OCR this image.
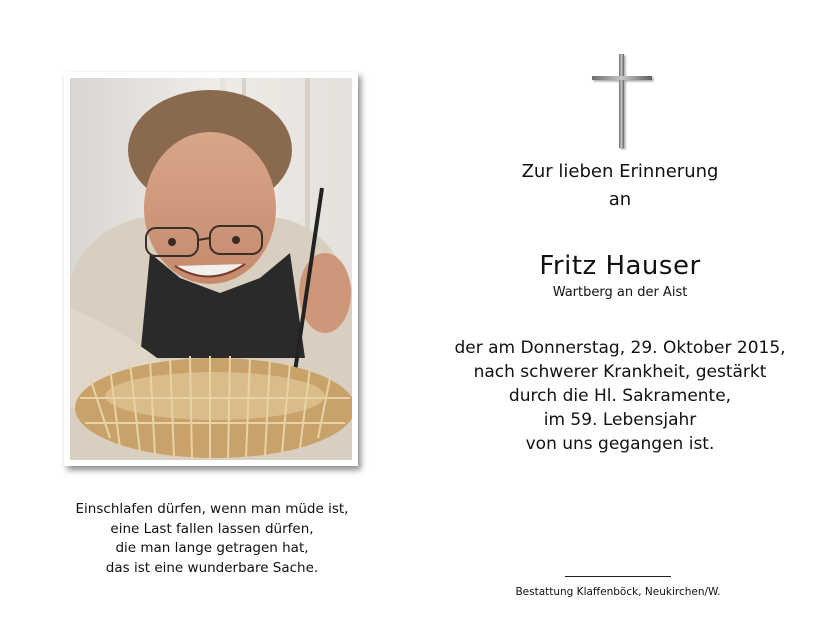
Einschlafen dürfen, wenn man müde ist,
eine Last fallen lassen dürfen,
die man lange getragen hat,
das ist eine wunderbare Sache.
Zur lieben Erinnerung
an
Fritz Hauser
Wartberg an der Aist
der am Donnerstag, 29. Oktober 2015,
nach schwerer Krankheit, gestärkt
durch die Hl. Sakramente,
im 59. Lebensjahr
von uns gegangen ist.
Bestattung Klaffenböck, Neukirchen/W.
